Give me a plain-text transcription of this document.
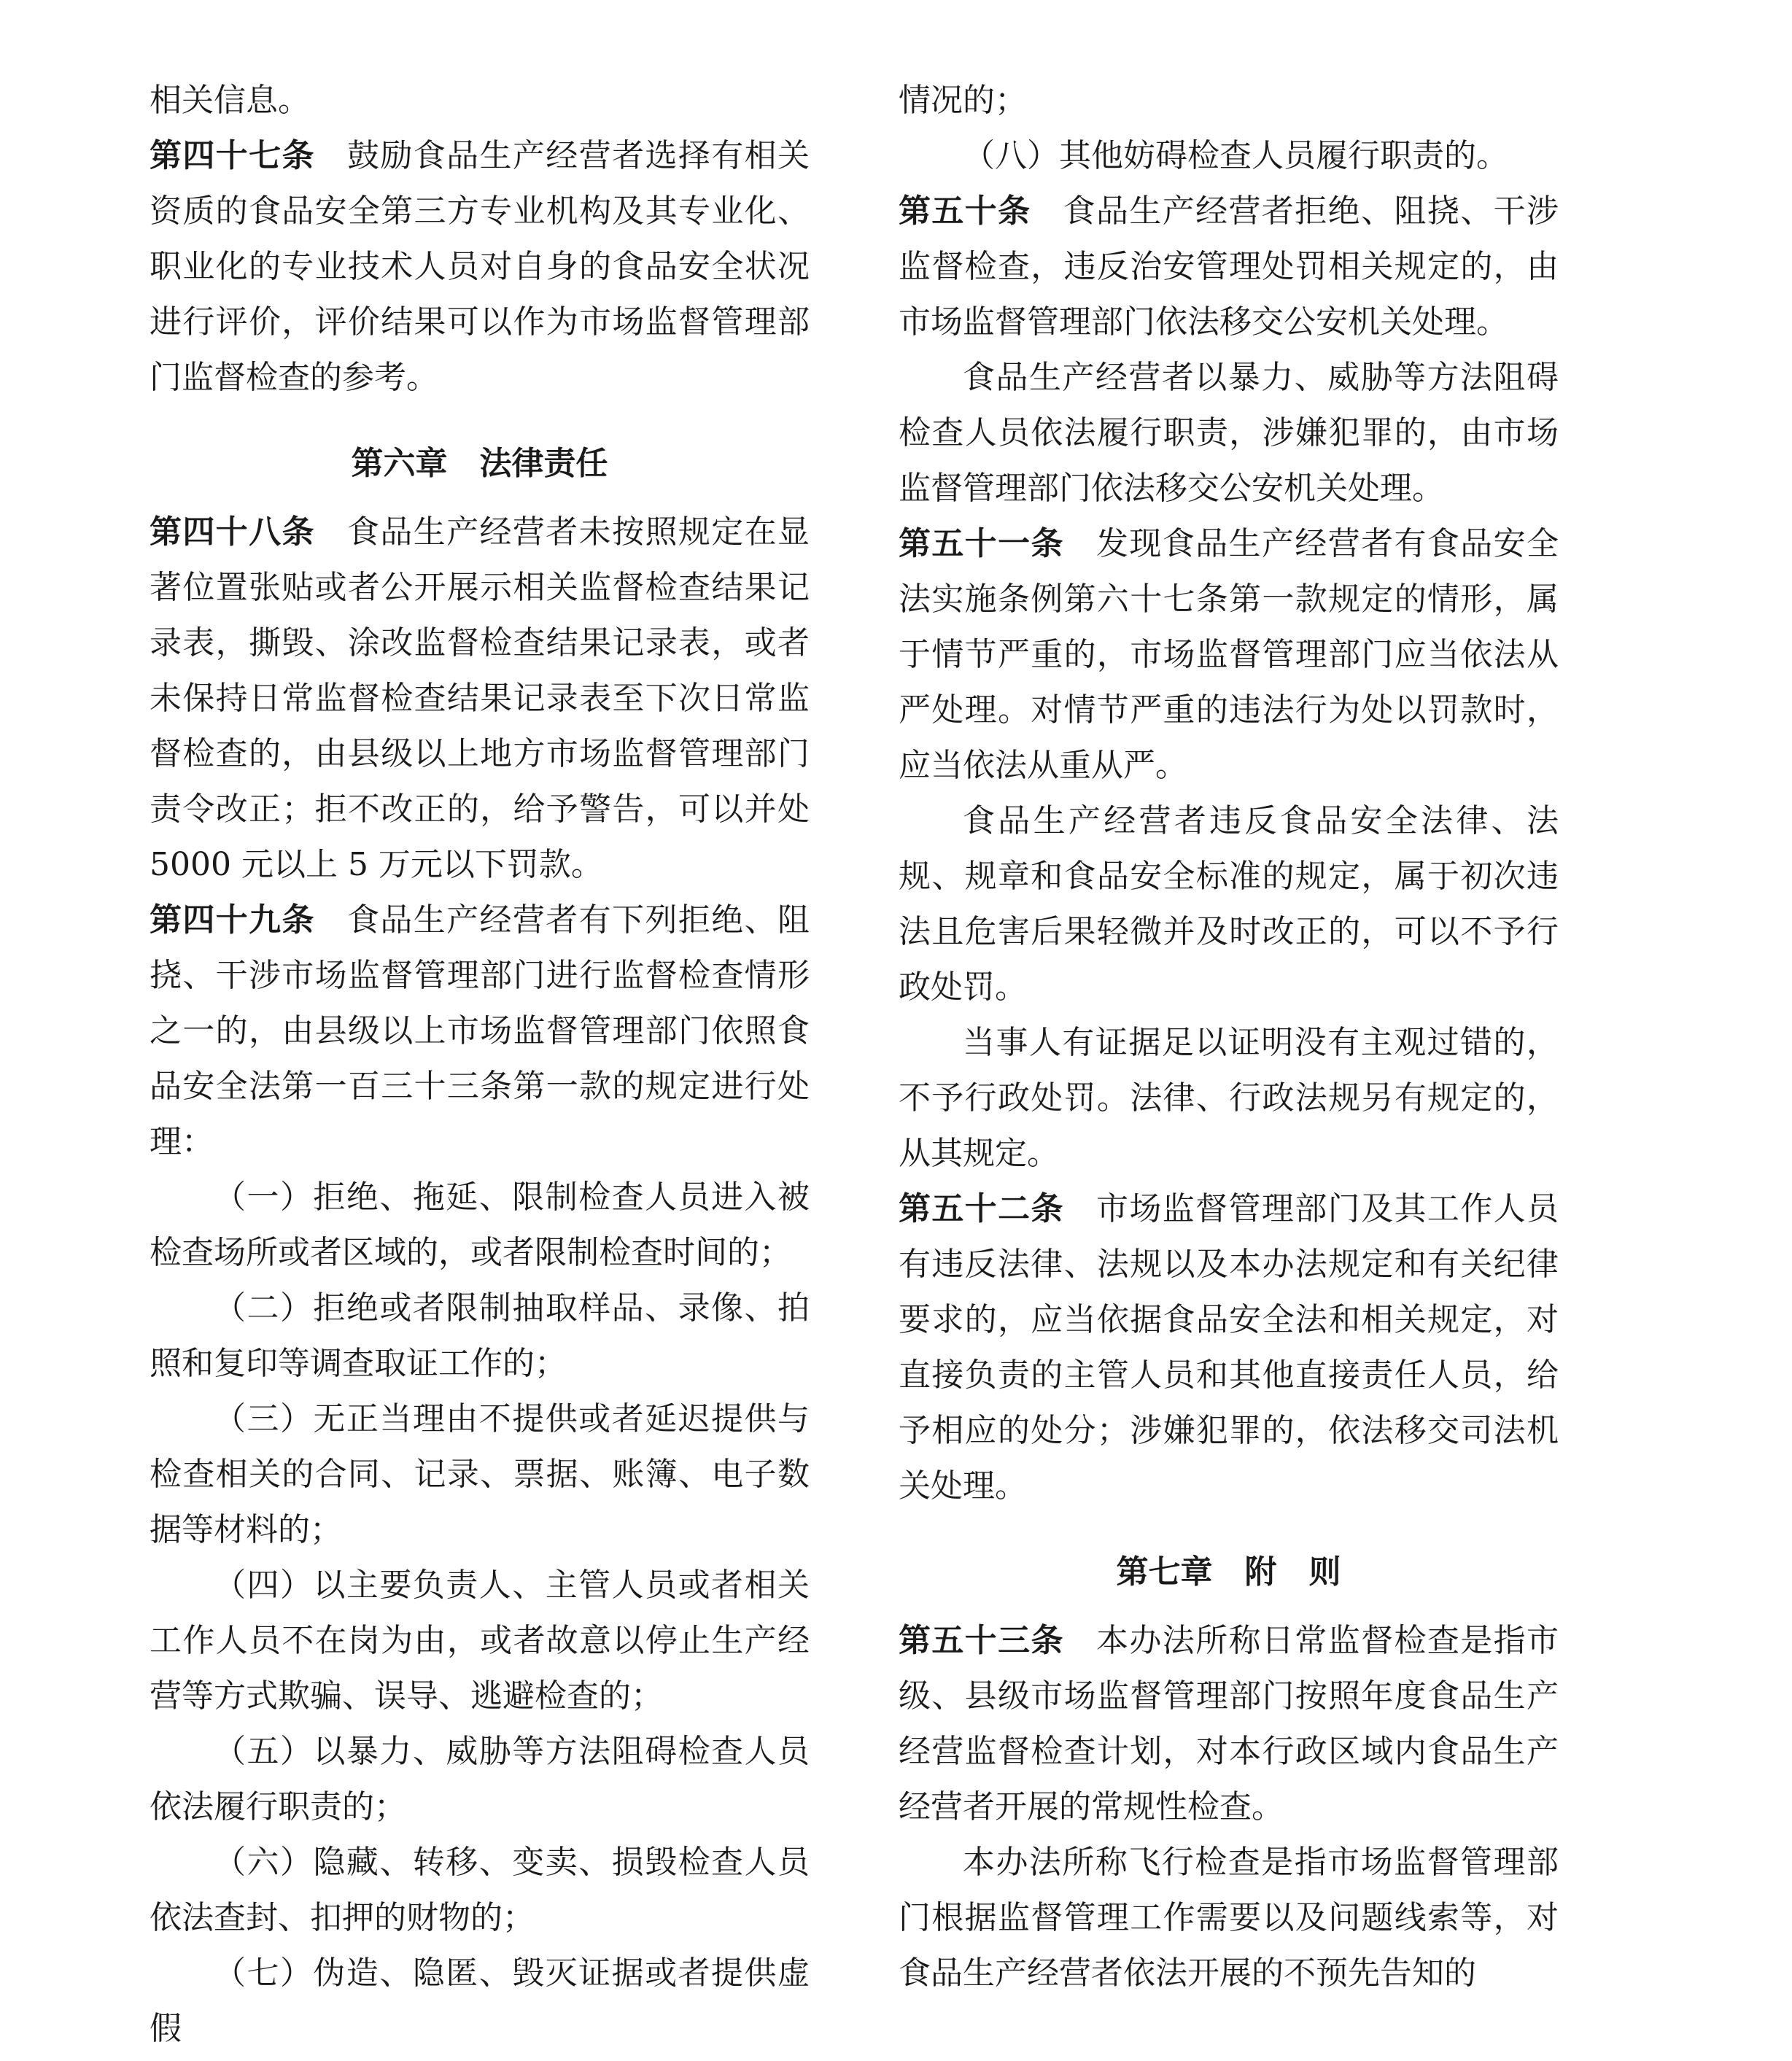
相关信息。

第四十七条 鼓励食品生产经营者选择有相关资质的食品安全第三方专业机构及其专业化、职业化的专业技术人员对自身的食品安全状况进行评价，评价结果可以作为市场监督管理部门监督检查的参考。

第六章 法律责任

第四十八条 食品生产经营者未按照规定在显著位置张贴或者公开展示相关监督检查结果记录表，撕毁、涂改监督检查结果记录表，或者未保持日常监督检查结果记录表至下次日常监督检查的，由县级以上地方市场监督管理部门责令改正；拒不改正的，给予警告，可以并处 5000 元以上 5 万元以下罚款。

第四十九条 食品生产经营者有下列拒绝、阻挠、干涉市场监督管理部门进行监督检查情形之一的，由县级以上市场监督管理部门依照食品安全法第一百三十三条第一款的规定进行处理：

（一）拒绝、拖延、限制检查人员进入被检查场所或者区域的，或者限制检查时间的；

（二）拒绝或者限制抽取样品、录像、拍照和复印等调查取证工作的；

（三）无正当理由不提供或者延迟提供与检查相关的合同、记录、票据、账簿、电子数据等材料的；

（四）以主要负责人、主管人员或者相关工作人员不在岗为由，或者故意以停止生产经营等方式欺骗、误导、逃避检查的；

（五）以暴力、威胁等方法阻碍检查人员依法履行职责的；

（六）隐藏、转移、变卖、损毁检查人员依法查封、扣押的财物的；

（七）伪造、隐匿、毁灭证据或者提供虚假

情况的；

（八）其他妨碍检查人员履行职责的。

第五十条 食品生产经营者拒绝、阻挠、干涉监督检查，违反治安管理处罚相关规定的，由市场监督管理部门依法移交公安机关处理。

食品生产经营者以暴力、威胁等方法阻碍检查人员依法履行职责，涉嫌犯罪的，由市场监督管理部门依法移交公安机关处理。

第五十一条 发现食品生产经营者有食品安全法实施条例第六十七条第一款规定的情形，属于情节严重的，市场监督管理部门应当依法从严处理。对情节严重的违法行为处以罚款时，应当依法从重从严。

食品生产经营者违反食品安全法律、法规、规章和食品安全标准的规定，属于初次违法且危害后果轻微并及时改正的，可以不予行政处罚。

当事人有证据足以证明没有主观过错的，不予行政处罚。法律、行政法规另有规定的，从其规定。

第五十二条 市场监督管理部门及其工作人员有违反法律、法规以及本办法规定和有关纪律要求的，应当依据食品安全法和相关规定，对直接负责的主管人员和其他直接责任人员，给予相应的处分；涉嫌犯罪的，依法移交司法机关处理。

第七章 附　则

第五十三条 本办法所称日常监督检查是指市级、县级市场监督管理部门按照年度食品生产经营监督检查计划，对本行政区域内食品生产经营者开展的常规性检查。

本办法所称飞行检查是指市场监督管理部门根据监督管理工作需要以及问题线索等，对食品生产经营者依法开展的不预先告知的
